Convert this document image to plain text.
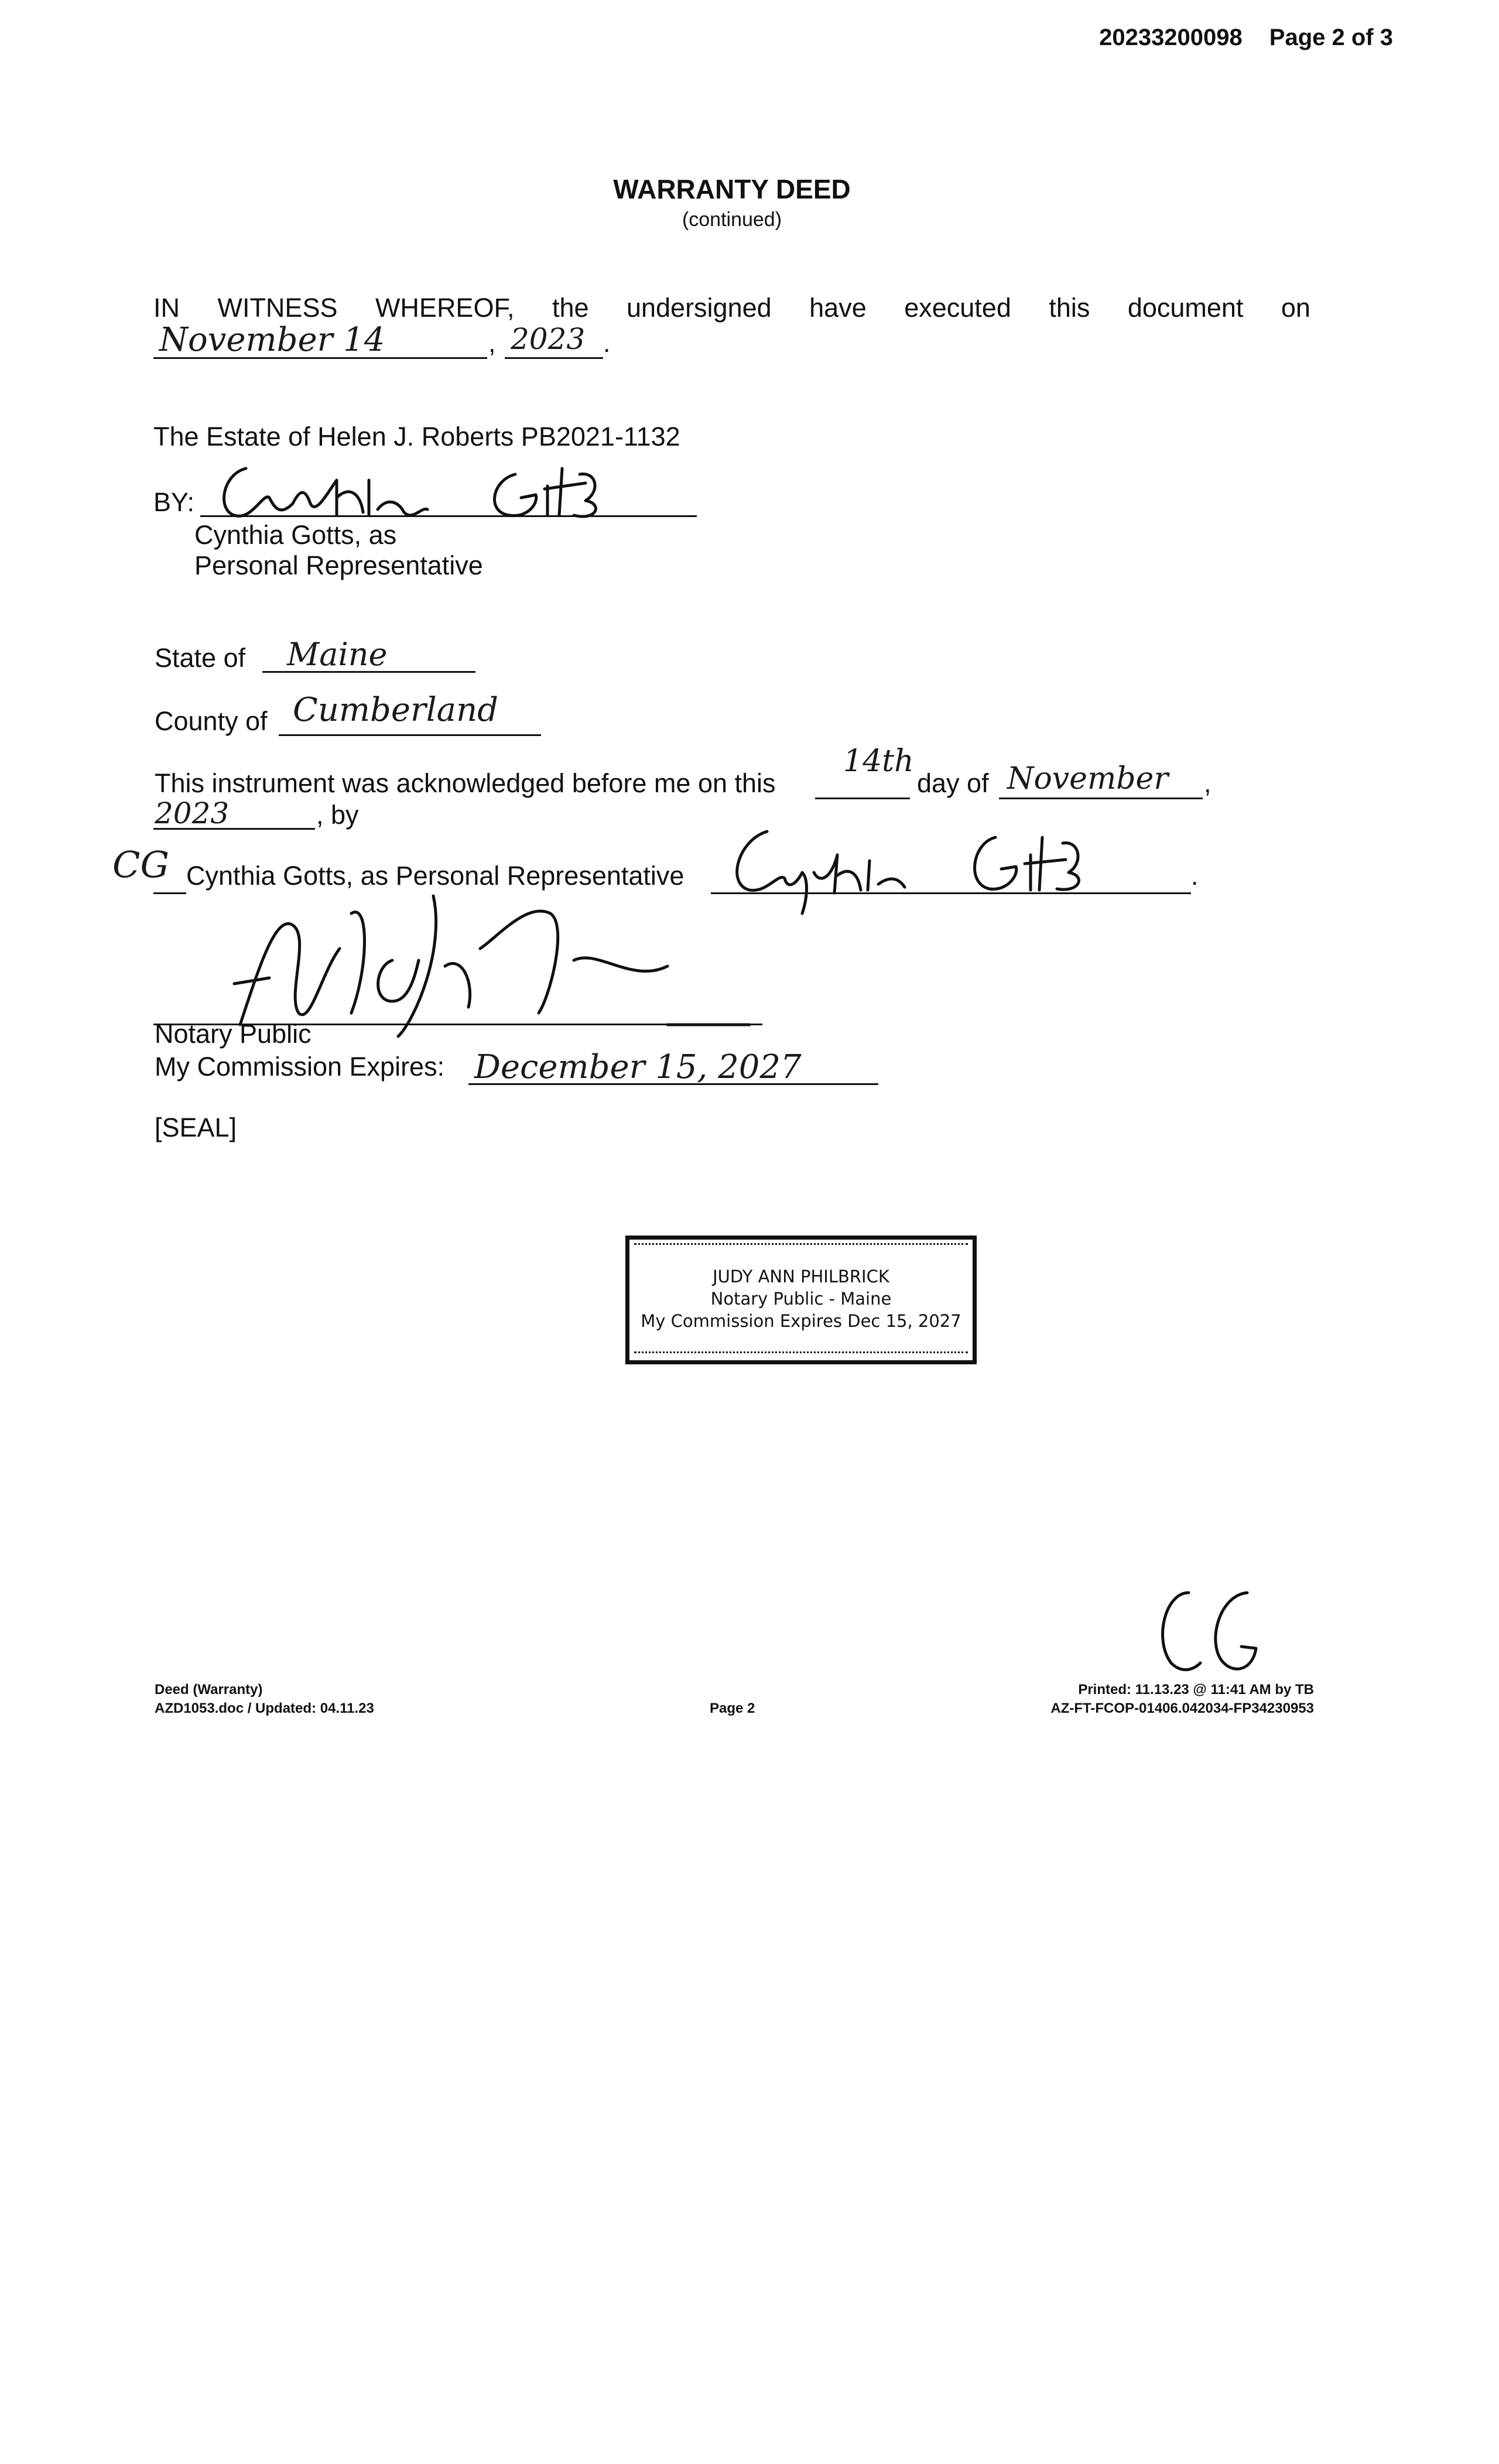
20233200098 Page 2 of 3
WARRANTY DEED
(continued)
IN WITNESS WHEREOF, the undersigned have executed this document on
November 14	, 2023 .
The Estate of Helen J. Roberts PB2021-1132
BY:
Cynthia Gotts, as
Personal Representative
State of Maine
County of Cumberland
This instrument was acknowledged before me on this
14th
day of November ,
2023	, by
CG Cynthia Gotts, as Personal Representative	.
Notary Public
My Commission Expires: December 15, 2027
[SEAL]
JUDY ANN PHILBRICK
Notary Public - Maine
My Commission Expires Dec 15, 2027
Deed (Warranty)
AZD1053.doc / Updated: 04.11.23	Page 2
Printed: 11.13.23 @ 11:41 AM by TB
AZ-FT-FCOP-01406.042034-FP34230953
